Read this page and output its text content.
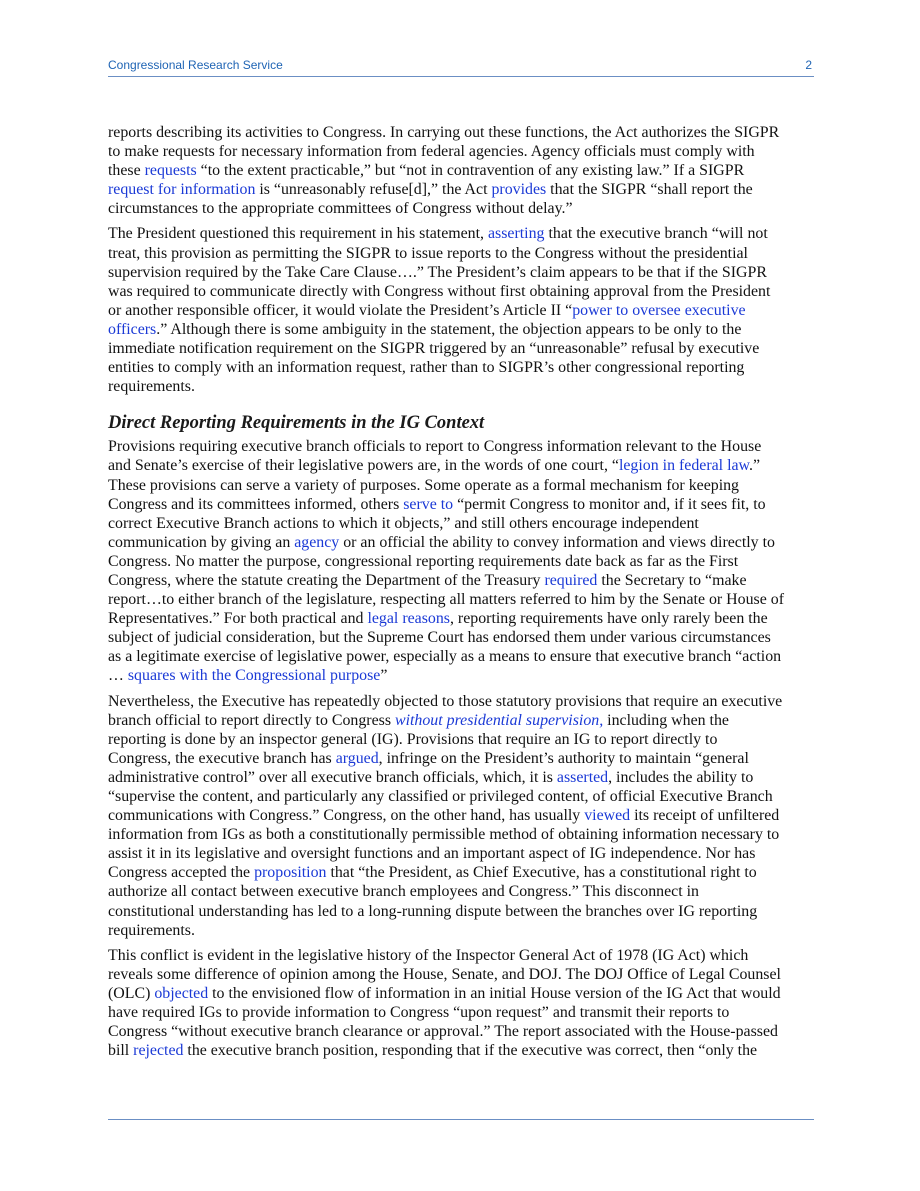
Congressional Research Service	2

reports describing its activities to Congress. In carrying out these functions, the Act authorizes the SIGPR
to make requests for necessary information from federal agencies. Agency officials must comply with
these requests “to the extent practicable,” but “not in contravention of any existing law.” If a SIGPR
request for information is “unreasonably refuse[d],” the Act provides that the SIGPR “shall report the
circumstances to the appropriate committees of Congress without delay.”

The President questioned this requirement in his statement, asserting that the executive branch “will not
treat, this provision as permitting the SIGPR to issue reports to the Congress without the presidential
supervision required by the Take Care Clause….” The President’s claim appears to be that if the SIGPR
was required to communicate directly with Congress without first obtaining approval from the President
or another responsible officer, it would violate the President’s Article II “power to oversee executive
officers.” Although there is some ambiguity in the statement, the objection appears to be only to the
immediate notification requirement on the SIGPR triggered by an “unreasonable” refusal by executive
entities to comply with an information request, rather than to SIGPR’s other congressional reporting
requirements.

Direct Reporting Requirements in the IG Context

Provisions requiring executive branch officials to report to Congress information relevant to the House
and Senate’s exercise of their legislative powers are, in the words of one court, “legion in federal law.”
These provisions can serve a variety of purposes. Some operate as a formal mechanism for keeping
Congress and its committees informed, others serve to “permit Congress to monitor and, if it sees fit, to
correct Executive Branch actions to which it objects,” and still others encourage independent
communication by giving an agency or an official the ability to convey information and views directly to
Congress. No matter the purpose, congressional reporting requirements date back as far as the First
Congress, where the statute creating the Department of the Treasury required the Secretary to “make
report…to either branch of the legislature, respecting all matters referred to him by the Senate or House of
Representatives.” For both practical and legal reasons, reporting requirements have only rarely been the
subject of judicial consideration, but the Supreme Court has endorsed them under various circumstances
as a legitimate exercise of legislative power, especially as a means to ensure that executive branch “action
… squares with the Congressional purpose”

Nevertheless, the Executive has repeatedly objected to those statutory provisions that require an executive
branch official to report directly to Congress without presidential supervision, including when the
reporting is done by an inspector general (IG). Provisions that require an IG to report directly to
Congress, the executive branch has argued, infringe on the President’s authority to maintain “general
administrative control” over all executive branch officials, which, it is asserted, includes the ability to
“supervise the content, and particularly any classified or privileged content, of official Executive Branch
communications with Congress.” Congress, on the other hand, has usually viewed its receipt of unfiltered
information from IGs as both a constitutionally permissible method of obtaining information necessary to
assist it in its legislative and oversight functions and an important aspect of IG independence. Nor has
Congress accepted the proposition that “the President, as Chief Executive, has a constitutional right to
authorize all contact between executive branch employees and Congress.” This disconnect in
constitutional understanding has led to a long-running dispute between the branches over IG reporting
requirements.

This conflict is evident in the legislative history of the Inspector General Act of 1978 (IG Act) which
reveals some difference of opinion among the House, Senate, and DOJ. The DOJ Office of Legal Counsel
(OLC) objected to the envisioned flow of information in an initial House version of the IG Act that would
have required IGs to provide information to Congress “upon request” and transmit their reports to
Congress “without executive branch clearance or approval.” The report associated with the House-passed
bill rejected the executive branch position, responding that if the executive was correct, then “only the
